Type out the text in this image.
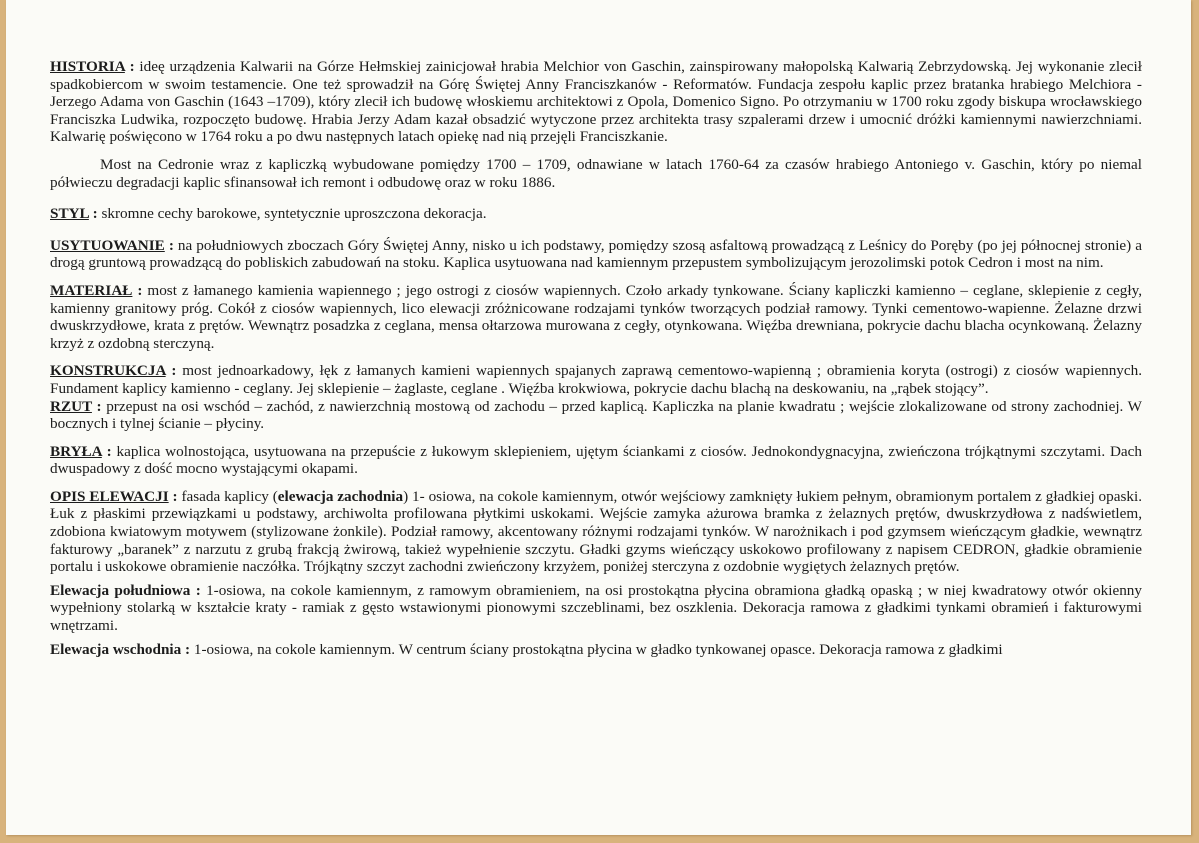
HISTORIA : ideę urządzenia Kalwarii na Górze Hełmskiej zainicjował hrabia Melchior von Gaschin, zainspirowany małopolską Kalwarią Zebrzydowską. Jej wykonanie zlecił spadkobiercom w swoim testamencie. One też sprowadził na Górę Świętej Anny Franciszkanów - Reformatów. Fundacja zespołu kaplic przez bratanka hrabiego Melchiora - Jerzego Adama von Gaschin (1643 –1709), który zlecił ich budowę włoskiemu architektowi z Opola, Domenico Signo. Po otrzymaniu w 1700 roku zgody biskupa wrocławskiego Franciszka Ludwika, rozpoczęto budowę. Hrabia Jerzy Adam kazał obsadzić wytyczone przez architekta trasy szpalerami drzew i umocnić dróżki kamiennymi nawierzchniami. Kalwarię poświęcono w 1764 roku a po dwu następnych latach opiekę nad nią przejęli Franciszkanie.

Most na Cedronie wraz z kapliczką wybudowane pomiędzy 1700 – 1709, odnawiane w latach 1760-64 za czasów hrabiego Antoniego v. Gaschin, który po niemal półwieczu degradacji kaplic sfinansował ich remont i odbudowę oraz w roku 1886.

STYL : skromne cechy barokowe, syntetycznie uproszczona dekoracja.

USYTUOWANIE : na południowych zboczach Góry Świętej Anny, nisko u ich podstawy, pomiędzy szosą asfaltową prowadzącą z Leśnicy do Poręby (po jej północnej stronie) a drogą gruntową prowadzącą do pobliskich zabudowań na stoku. Kaplica usytuowana nad kamiennym przepustem symbolizującym jerozolimski potok Cedron i most na nim.

MATERIAŁ : most z łamanego kamienia wapiennego ; jego ostrogi z ciosów wapiennych. Czoło arkady tynkowane. Ściany kapliczki kamienno – ceglane, sklepienie z cegły, kamienny granitowy próg. Cokół z ciosów wapiennych, lico elewacji zróżnicowane rodzajami tynków tworzących podział ramowy. Tynki cementowo-wapienne. Żelazne drzwi dwuskrzydłowe, krata z prętów. Wewnątrz posadzka z ceglana, mensa ołtarzowa murowana z cegły, otynkowana. Więźba drewniana, pokrycie dachu blacha ocynkowaną. Żelazny krzyż z ozdobną sterczyną.

KONSTRUKCJA : most jednoarkadowy, łęk z łamanych kamieni wapiennych spajanych zaprawą cementowo-wapienną ; obramienia koryta (ostrogi) z ciosów wapiennych. Fundament kaplicy kamienno - ceglany. Jej sklepienie – żaglaste, ceglane . Więźba krokwiowa, pokrycie dachu blachą na deskowaniu, na „rąbek stojący”.

RZUT : przepust na osi wschód – zachód, z nawierzchnią mostową od zachodu – przed kaplicą. Kapliczka na planie kwadratu ; wejście zlokalizowane od strony zachodniej. W bocznych i tylnej ścianie – płyciny.

BRYŁA : kaplica wolnostojąca, usytuowana na przepuście z łukowym sklepieniem, ujętym ściankami z ciosów. Jednokondygnacyjna, zwieńczona trójkątnymi szczytami. Dach dwuspadowy z dość mocno wystającymi okapami.

OPIS ELEWACJI : fasada kaplicy (elewacja zachodnia) 1- osiowa, na cokole kamiennym, otwór wejściowy zamknięty łukiem pełnym, obramionym portalem z gładkiej opaski. Łuk z płaskimi przewiązkami u podstawy, archiwolta profilowana płytkimi uskokami. Wejście zamyka ażurowa bramka z żelaznych prętów, dwuskrzydłowa z nadświetlem, zdobiona kwiatowym motywem (stylizowane żonkile). Podział ramowy, akcentowany różnymi rodzajami tynków. W narożnikach i pod gzymsem wieńczącym gładkie, wewnątrz fakturowy „baranek” z narzutu z grubą frakcją żwirową, takież wypełnienie szczytu. Gładki gzyms wieńczący uskokowo profilowany z napisem CEDRON, gładkie obramienie portalu i uskokowe obramienie naczółka. Trójkątny szczyt zachodni zwieńczony krzyżem, poniżej sterczyna z ozdobnie wygiętych żelaznych prętów.

Elewacja południowa : 1-osiowa, na cokole kamiennym, z ramowym obramieniem, na osi prostokątna płycina obramiona gładką opaską ; w niej kwadratowy otwór okienny wypełniony stolarką w kształcie kraty - ramiak z gęsto wstawionymi pionowymi szczeblinami, bez oszklenia. Dekoracja ramowa z gładkimi tynkami obramień i fakturowymi wnętrzami.

Elewacja wschodnia : 1-osiowa, na cokole kamiennym. W centrum ściany prostokątna płycina w gładko tynkowanej opasce. Dekoracja ramowa z gładkimi
